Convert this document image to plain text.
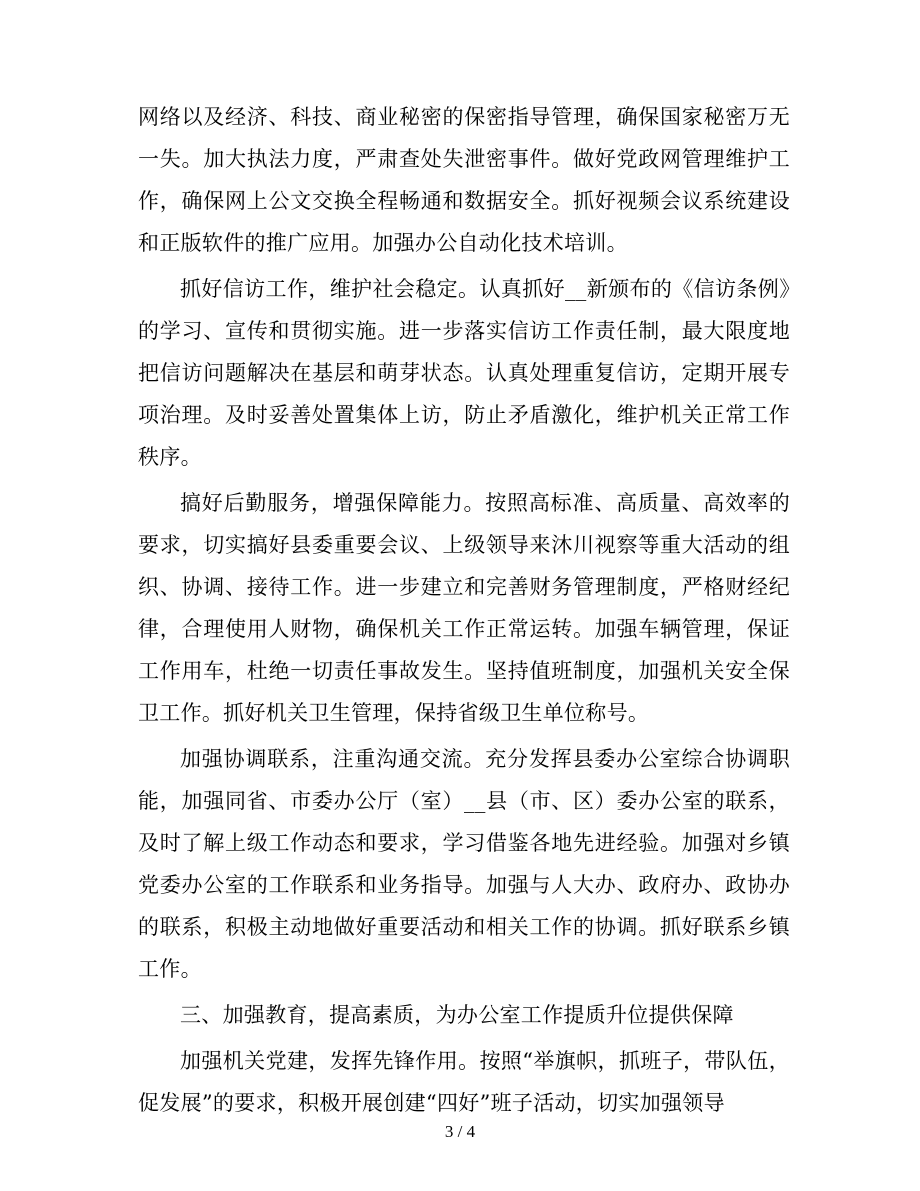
网络以及经济、科技、商业秘密的保密指导管理，确保国家秘密万无一失。加大执法力度，严肃查处失泄密事件。做好党政网管理维护工作，确保网上公文交换全程畅通和数据安全。抓好视频会议系统建设和正版软件的推广应用。加强办公自动化技术培训。

抓好信访工作，维护社会稳定。认真抓好__新颁布的《信访条例》的学习、宣传和贯彻实施。进一步落实信访工作责任制，最大限度地把信访问题解决在基层和萌芽状态。认真处理重复信访，定期开展专项治理。及时妥善处置集体上访，防止矛盾激化，维护机关正常工作秩序。

搞好后勤服务，增强保障能力。按照高标准、高质量、高效率的要求，切实搞好县委重要会议、上级领导来沐川视察等重大活动的组织、协调、接待工作。进一步建立和完善财务管理制度，严格财经纪律，合理使用人财物，确保机关工作正常运转。加强车辆管理，保证工作用车，杜绝一切责任事故发生。坚持值班制度，加强机关安全保卫工作。抓好机关卫生管理，保持省级卫生单位称号。

加强协调联系，注重沟通交流。充分发挥县委办公室综合协调职能，加强同省、市委办公厅（室）__县（市、区）委办公室的联系，及时了解上级工作动态和要求，学习借鉴各地先进经验。加强对乡镇党委办公室的工作联系和业务指导。加强与人大办、政府办、政协办的联系，积极主动地做好重要活动和相关工作的协调。抓好联系乡镇工作。

三、加强教育，提高素质，为办公室工作提质升位提供保障

加强机关党建，发挥先锋作用。按照“举旗帜，抓班子，带队伍，促发展”的要求，积极开展创建“四好”班子活动，切实加强领导

3 / 4
